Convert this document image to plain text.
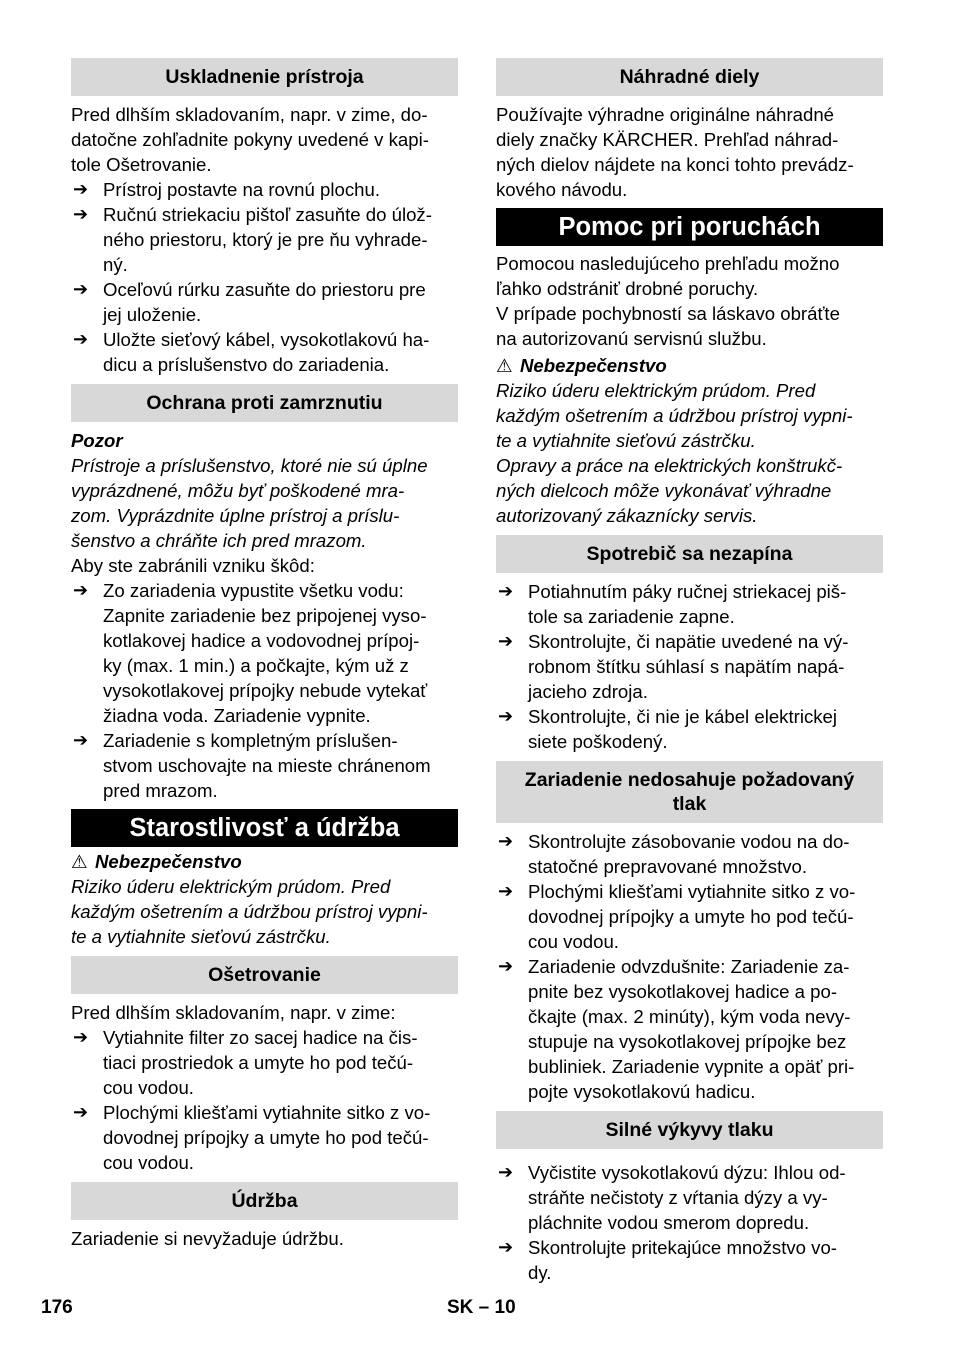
Uskladnenie prístroja
Pred dlhším skladovaním, napr. v zime, do-
datočne zohľadnite pokyny uvedené v kapi-
tole Ošetrovanie.
➔ Prístroj postavte na rovnú plochu.
➔ Ručnú striekaciu pištoľ zasuňte do úlož-
ného priestoru, ktorý je pre ňu vyhrade-
ný.
➔ Oceľovú rúrku zasuňte do priestoru pre
jej uloženie.
➔ Uložte sieťový kábel, vysokotlakovú ha-
dicu a príslušenstvo do zariadenia.
Ochrana proti zamrznutiu
Pozor
Prístroje a príslušenstvo, ktoré nie sú úplne
vyprázdnené, môžu byť poškodené mra-
zom. Vyprázdnite úplne prístroj a príslu-
šenstvo a chráňte ich pred mrazom.
Aby ste zabránili vzniku škôd:
➔ Zo zariadenia vypustite všetku vodu:
Zapnite zariadenie bez pripojenej vyso-
kotlakovej hadice a vodovodnej prípoj-
ky (max. 1 min.) a počkajte, kým už z
vysokotlakovej prípojky nebude vytekať
žiadna voda. Zariadenie vypnite.
➔ Zariadenie s kompletným príslušen-
stvom uschovajte na mieste chránenom
pred mrazom.
Starostlivosť a údržba
⚠ Nebezpečenstvo
Riziko úderu elektrickým prúdom. Pred
každým ošetrením a údržbou prístroj vypni-
te a vytiahnite sieťovú zástrčku.
Ošetrovanie
Pred dlhším skladovaním, napr. v zime:
➔ Vytiahnite filter zo sacej hadice na čis-
tiaci prostriedok a umyte ho pod tečú-
cou vodou.
➔ Plochými kliešťami vytiahnite sitko z vo-
dovodnej prípojky a umyte ho pod tečú-
cou vodou.
Údržba
Zariadenie si nevyžaduje údržbu.
Náhradné diely
Používajte výhradne originálne náhradné
diely značky KÄRCHER. Prehľad náhrad-
ných dielov nájdete na konci tohto prevádz-
kového návodu.
Pomoc pri poruchách
Pomocou nasledujúceho prehľadu možno
ľahko odstrániť drobné poruchy.
V prípade pochybností sa láskavo obráťte
na autorizovanú servisnú službu.
⚠ Nebezpečenstvo
Riziko úderu elektrickým prúdom. Pred
každým ošetrením a údržbou prístroj vypni-
te a vytiahnite sieťovú zástrčku.
Opravy a práce na elektrických konštrukč-
ných dielcoch môže vykonávať výhradne
autorizovaný zákaznícky servis.
Spotrebič sa nezapína
➔ Potiahnutím páky ručnej striekacej piš-
tole sa zariadenie zapne.
➔ Skontrolujte, či napätie uvedené na vý-
robnom štítku súhlasí s napätím napá-
jacieho zdroja.
➔ Skontrolujte, či nie je kábel elektrickej
siete poškodený.
Zariadenie nedosahuje požadovaný
tlak
➔ Skontrolujte zásobovanie vodou na do-
statočné prepravované množstvo.
➔ Plochými kliešťami vytiahnite sitko z vo-
dovodnej prípojky a umyte ho pod tečú-
cou vodou.
➔ Zariadenie odvzdušnite: Zariadenie za-
pnite bez vysokotlakovej hadice a po-
čkajte (max. 2 minúty), kým voda nevy-
stupuje na vysokotlakovej prípojke bez
bubliniek. Zariadenie vypnite a opäť pri-
pojte vysokotlakovú hadicu.
Silné výkyvy tlaku
➔ Vyčistite vysokotlakovú dýzu: Ihlou od-
stráňte nečistoty z vŕtania dýzy a vy-
pláchnite vodou smerom dopredu.
➔ Skontrolujte pritekajúce množstvo vo-
dy.
176	SK – 10
